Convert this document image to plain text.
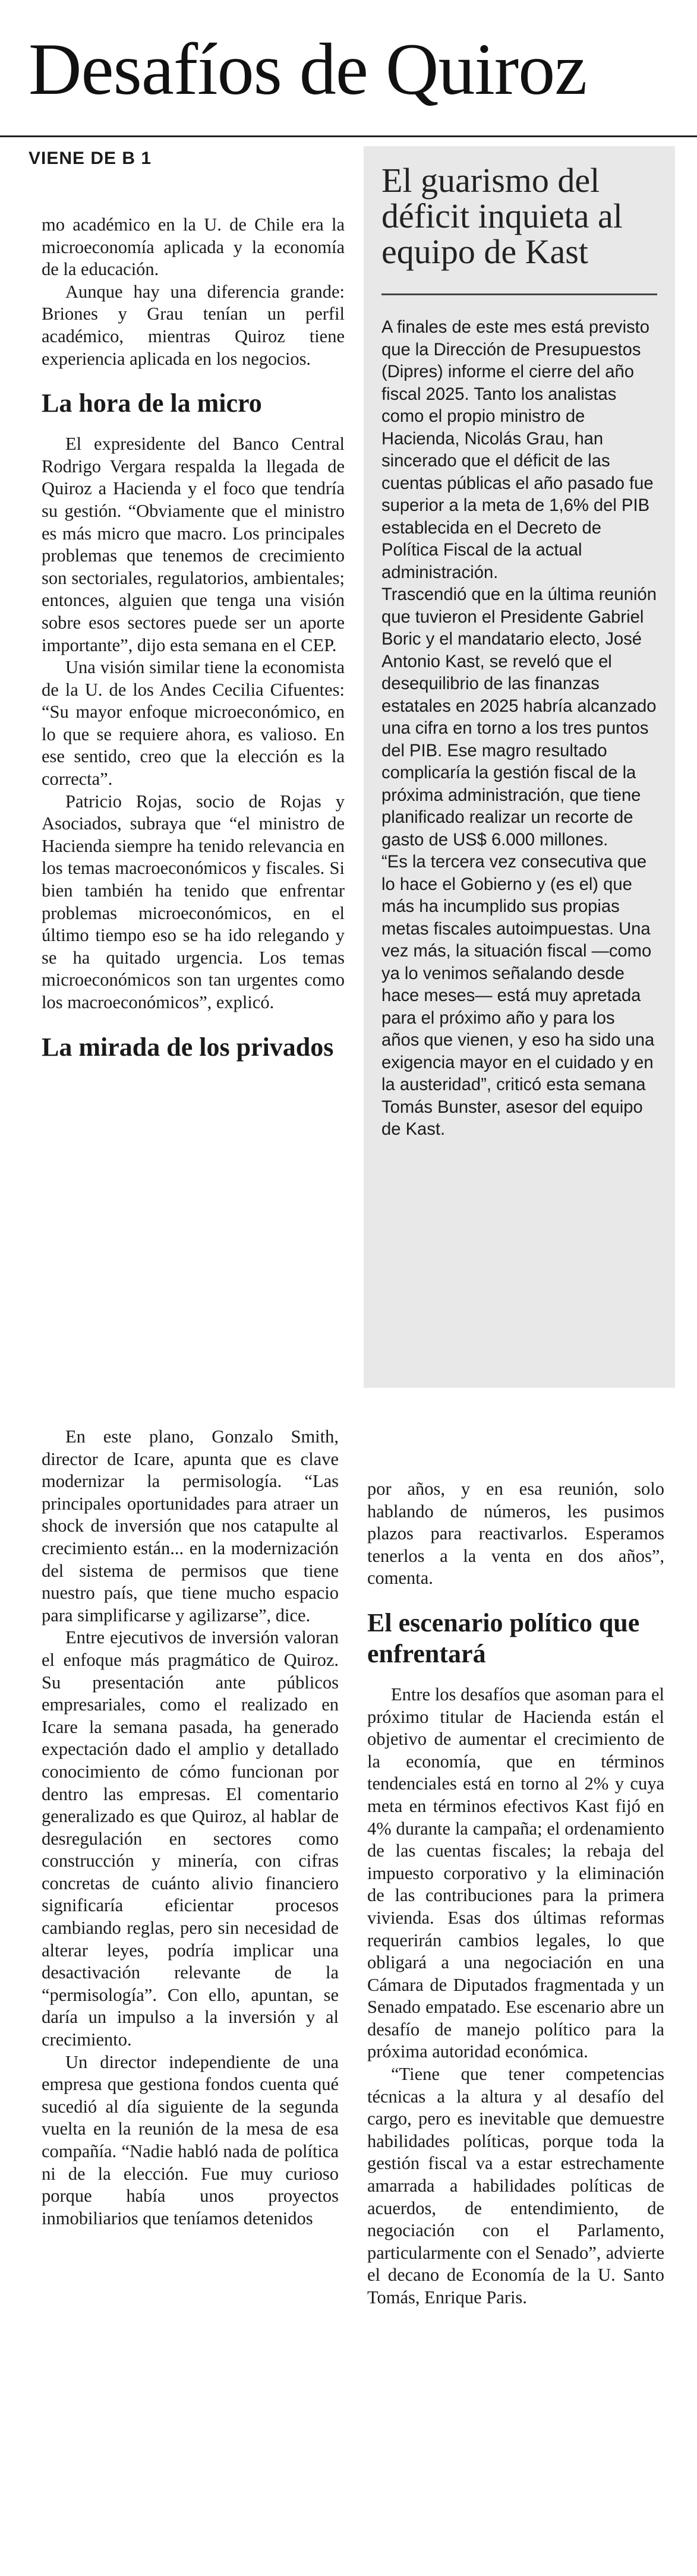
Desafíos de Quiroz
VIENE DE B 1

mo académico en la U. de Chile era la microeconomía aplicada y la economía de la educación.

Aunque hay una diferencia grande: Briones y Grau tenían un perfil académico, mientras Quiroz tiene experiencia aplicada en los negocios.

La hora de la micro

El expresidente del Banco Central Rodrigo Vergara respalda la llegada de Quiroz a Hacienda y el foco que tendría su gestión. “Obviamente que el ministro es más micro que macro. Los principales problemas que tenemos de crecimiento son sectoriales, regulatorios, ambientales; entonces, alguien que tenga una visión sobre esos sectores puede ser un aporte importante”, dijo esta semana en el CEP.

Una visión similar tiene la economista de la U. de los Andes Cecilia Cifuentes: “Su mayor enfoque microeconómico, en lo que se requiere ahora, es valioso. En ese sentido, creo que la elección es la correcta”.

Patricio Rojas, socio de Rojas y Asociados, subraya que “el ministro de Hacienda siempre ha tenido relevancia en los temas macroeconómicos y fiscales. Si bien también ha tenido que enfrentar problemas microeconómicos, en el último tiempo eso se ha ido relegando y se ha quitado urgencia. Los temas microeconómicos son tan urgentes como los macroeconómicos”, explicó.

La mirada de los privados
El guarismo del déficit inquieta al equipo de Kast

A finales de este mes está previsto que la Dirección de Presupuestos (Dipres) informe el cierre del año fiscal 2025. Tanto los analistas como el propio ministro de Hacienda, Nicolás Grau, han sincerado que el déficit de las cuentas públicas el año pasado fue superior a la meta de 1,6% del PIB establecida en el Decreto de Política Fiscal de la actual administración.

Trascendió que en la última reunión que tuvieron el Presidente Gabriel Boric y el mandatario electo, José Antonio Kast, se reveló que el desequilibrio de las finanzas estatales en 2025 habría alcanzado una cifra en torno a los tres puntos del PIB. Ese magro resultado complicaría la gestión fiscal de la próxima administración, que tiene planificado realizar un recorte de gasto de US$ 6.000 millones.

“Es la tercera vez consecutiva que lo hace el Gobierno y (es el) que más ha incumplido sus propias metas fiscales autoimpuestas. Una vez más, la situación fiscal —como ya lo venimos señalando desde hace meses— está muy apretada para el próximo año y para los años que vienen, y eso ha sido una exigencia mayor en el cuidado y en la austeridad”, criticó esta semana Tomás Bunster, asesor del equipo de Kast.

En este plano, Gonzalo Smith, director de Icare, apunta que es clave modernizar la permisología. “Las principales oportunidades para atraer un shock de inversión que nos catapulte al crecimiento están... en la modernización del sistema de permisos que tiene nuestro país, que tiene mucho espacio para simplificarse y agilizarse”, dice.

Entre ejecutivos de inversión valoran el enfoque más pragmático de Quiroz. Su presentación ante públicos empresariales, como el realizado en Icare la semana pasada, ha generado expectación dado el amplio y detallado conocimiento de cómo funcionan por dentro las empresas. El comentario generalizado es que Quiroz, al hablar de desregulación en sectores como construcción y minería, con cifras concretas de cuánto alivio financiero significaría eficientar procesos cambiando reglas, pero sin necesidad de alterar leyes, podría implicar una desactivación relevante de la “permisología”. Con ello, apuntan, se daría un impulso a la inversión y al crecimiento.

Un director independiente de una empresa que gestiona fondos cuenta qué sucedió al día siguiente de la segunda vuelta en la reunión de la mesa de esa compañía. “Nadie habló nada de política ni de la elección. Fue muy curioso porque había unos proyectos inmobiliarios que teníamos detenidos

por años, y en esa reunión, solo hablando de números, les pusimos plazos para reactivarlos. Esperamos tenerlos a la venta en dos años”, comenta.

El escenario político que enfrentará

Entre los desafíos que asoman para el próximo titular de Hacienda están el objetivo de aumentar el crecimiento de la economía, que en términos tendenciales está en torno al 2% y cuya meta en términos efectivos Kast fijó en 4% durante la campaña; el ordenamiento de las cuentas fiscales; la rebaja del impuesto corporativo y la eliminación de las contribuciones para la primera vivienda. Esas dos últimas reformas requerirán cambios legales, lo que obligará a una negociación en una Cámara de Diputados fragmentada y un Senado empatado. Ese escenario abre un desafío de manejo político para la próxima autoridad económica.

“Tiene que tener competencias técnicas a la altura y al desafío del cargo, pero es inevitable que demuestre habilidades políticas, porque toda la gestión fiscal va a estar estrechamente amarrada a habilidades políticas de acuerdos, de entendimiento, de negociación con el Parlamento, particularmente con el Senado”, advierte el decano de Economía de la U. Santo Tomás, Enrique Paris.
